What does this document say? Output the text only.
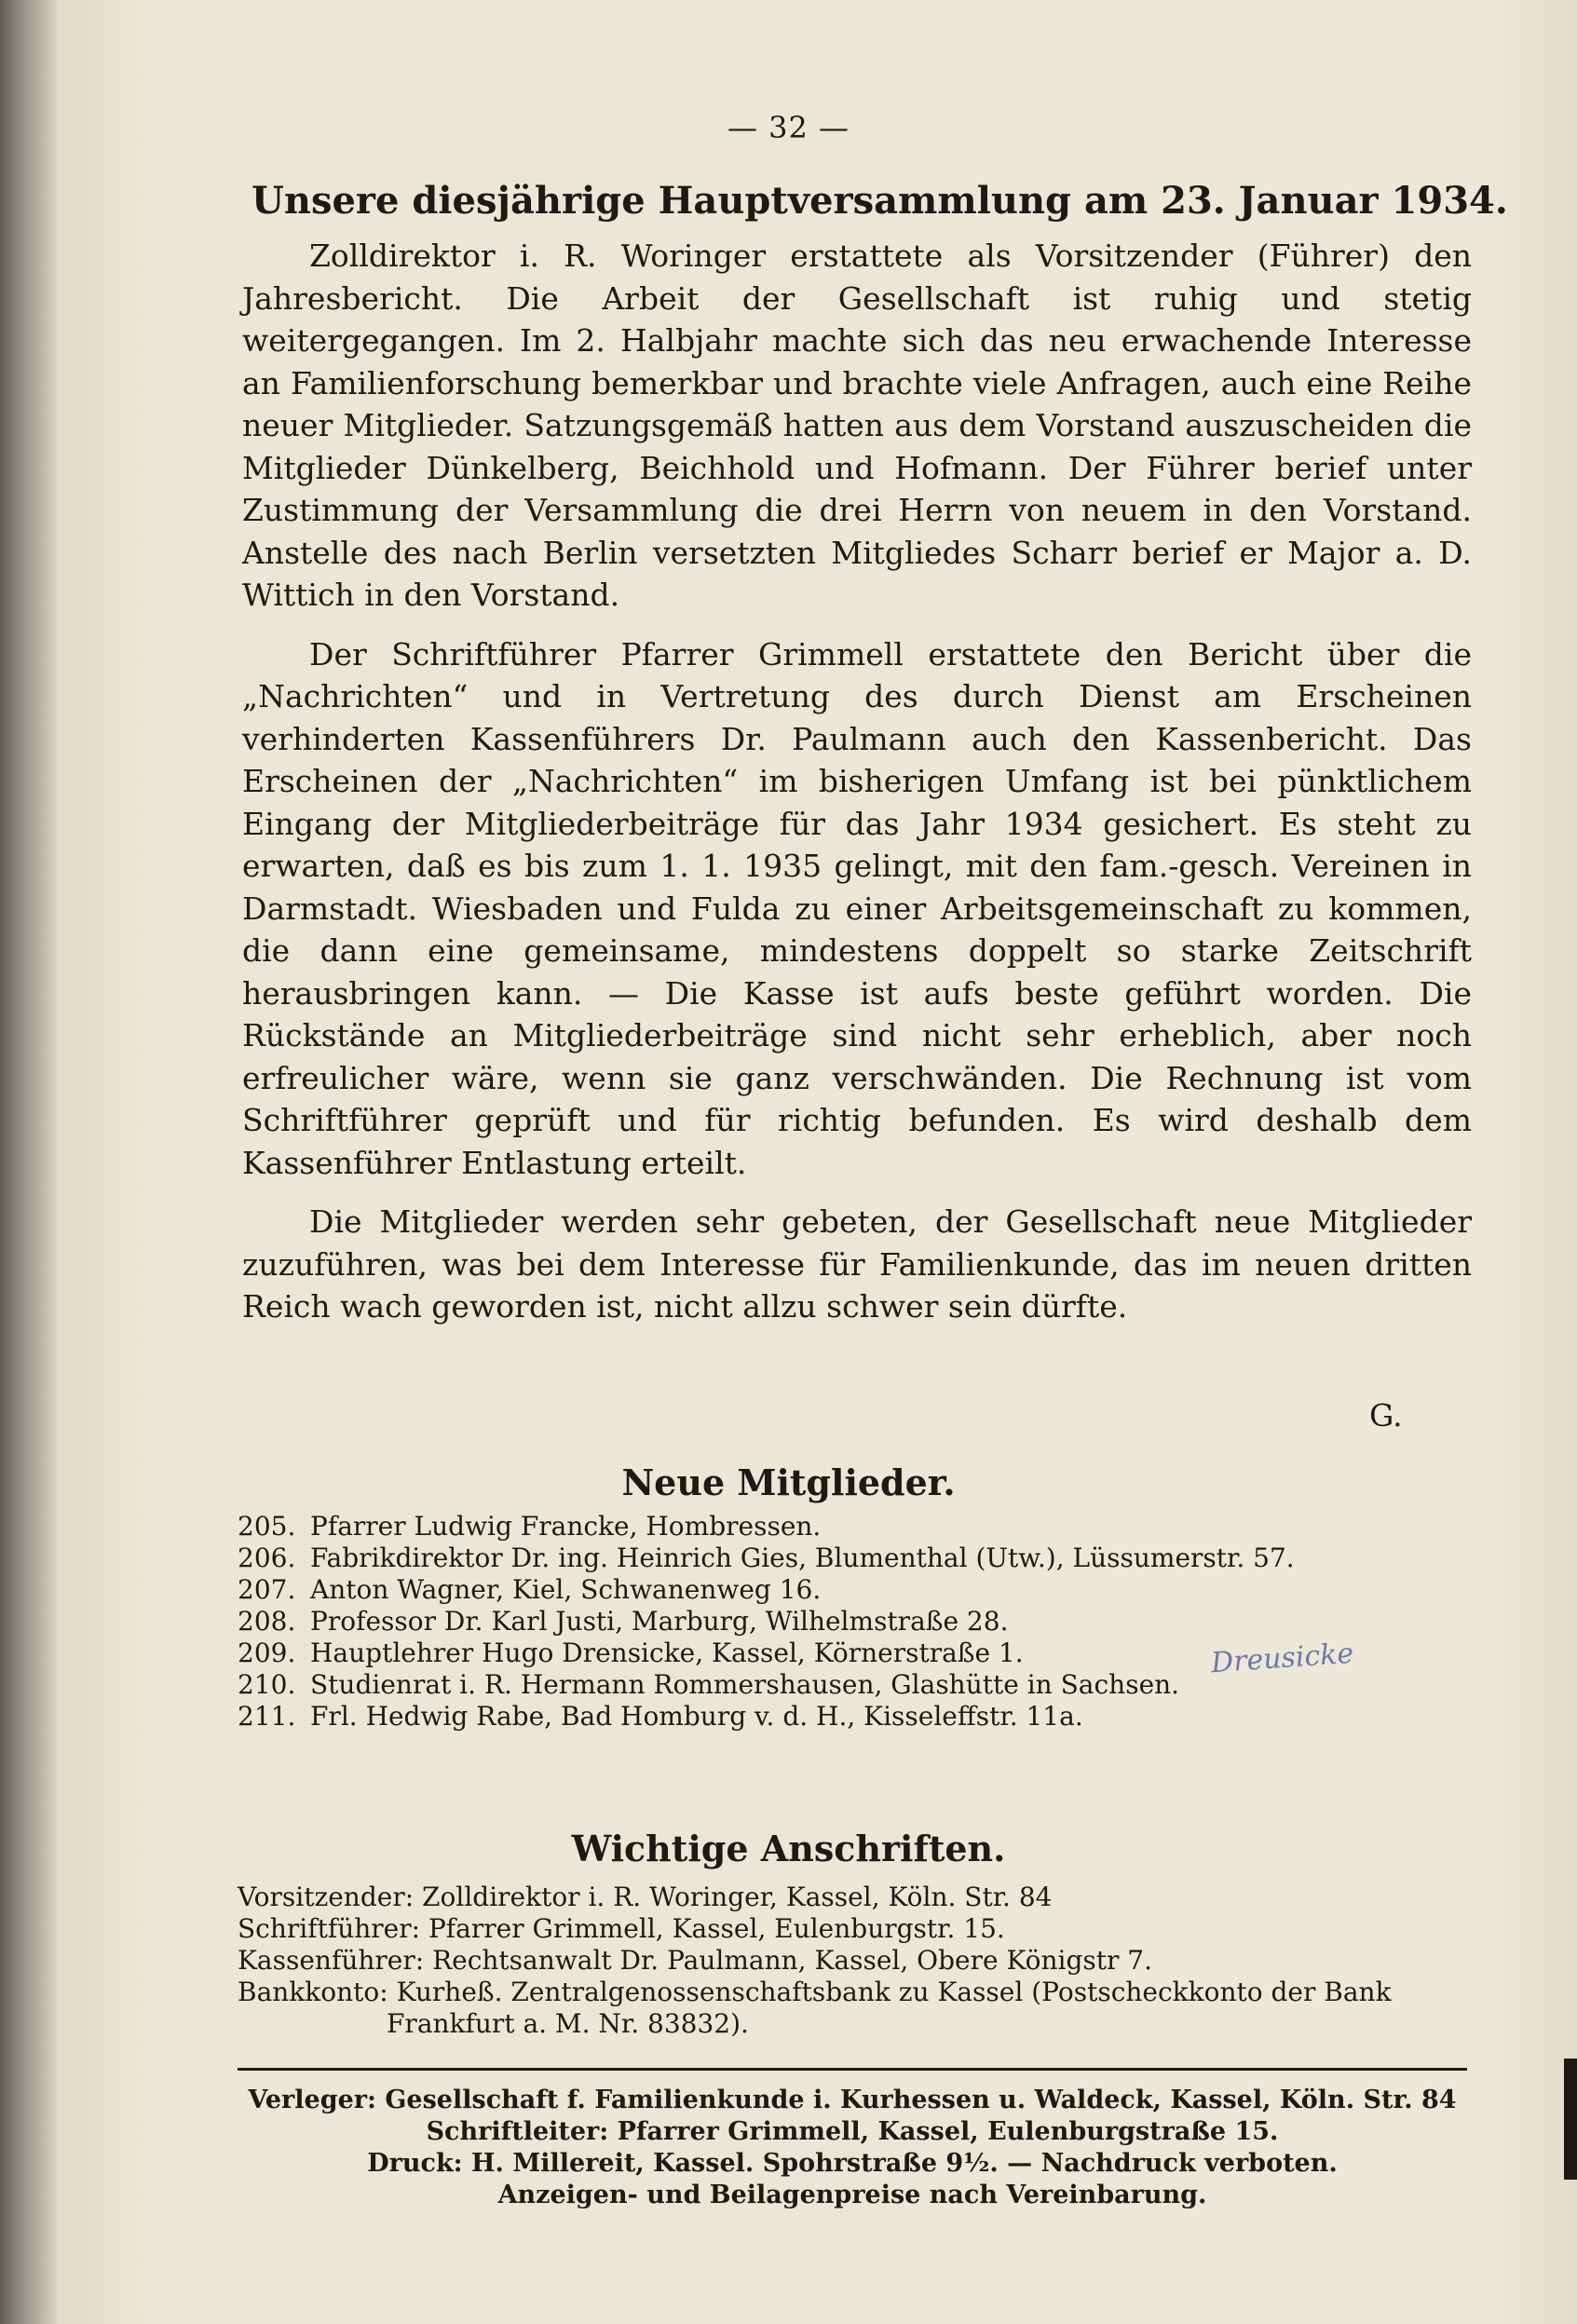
— 32 —
Unsere diesjährige Hauptversammlung am 23. Januar 1934.

Zolldirektor i. R. Woringer erstattete als Vorsitzender (Führer) den Jahresbericht. Die Arbeit der Gesellschaft ist ruhig und stetig weitergegangen. Im 2. Halbjahr machte sich das neu erwachende Interesse an Familienforschung bemerkbar und brachte viele Anfragen, auch eine Reihe neuer Mitglieder. Satzungsgemäß hatten aus dem Vorstand auszuscheiden die Mitglieder Dünkelberg, Beichhold und Hofmann. Der Führer berief unter Zustimmung der Versammlung die drei Herrn von neuem in den Vorstand. Anstelle des nach Berlin versetzten Mitgliedes Scharr berief er Major a. D. Wittich in den Vorstand.

Der Schriftführer Pfarrer Grimmell erstattete den Bericht über die „Nachrichten“ und in Vertretung des durch Dienst am Erscheinen verhinderten Kassenführers Dr. Paulmann auch den Kassenbericht. Das Erscheinen der „Nachrichten“ im bisherigen Umfang ist bei pünktlichem Eingang der Mitgliederbeiträge für das Jahr 1934 gesichert. Es steht zu erwarten, daß es bis zum 1. 1. 1935 gelingt, mit den fam.-gesch. Vereinen in Darmstadt. Wiesbaden und Fulda zu einer Arbeitsgemeinschaft zu kommen, die dann eine gemeinsame, mindestens doppelt so starke Zeitschrift herausbringen kann. — Die Kasse ist aufs beste geführt worden. Die Rückstände an Mitgliederbeiträge sind nicht sehr erheblich, aber noch erfreulicher wäre, wenn sie ganz verschwänden. Die Rechnung ist vom Schriftführer geprüft und für richtig befunden. Es wird deshalb dem Kassenführer Entlastung erteilt.

Die Mitglieder werden sehr gebeten, der Gesellschaft neue Mitglieder zuzuführen, was bei dem Interesse für Familienkunde, das im neuen dritten Reich wach geworden ist, nicht allzu schwer sein dürfte.

G.
Neue Mitglieder.
205. Pfarrer Ludwig Francke, Hombressen.
206. Fabrikdirektor Dr. ing. Heinrich Gies, Blumenthal (Utw.), Lüssumerstr. 57.
207. Anton Wagner, Kiel, Schwanenweg 16.
208. Professor Dr. Karl Justi, Marburg, Wilhelmstraße 28.
209. Hauptlehrer Hugo Drensicke, Kassel, Körnerstraße 1.
210. Studienrat i. R. Hermann Rommershausen, Glashütte in Sachsen.
211. Frl. Hedwig Rabe, Bad Homburg v. d. H., Kisseleffstr. 11a.
Dreusicke
Wichtige Anschriften.
Vorsitzender: Zolldirektor i. R. Woringer, Kassel, Köln. Str. 84
Schriftführer: Pfarrer Grimmell, Kassel, Eulenburgstr. 15.
Kassenführer: Rechtsanwalt Dr. Paulmann, Kassel, Obere Königstr 7.
Bankkonto: Kurheß. Zentralgenossenschaftsbank zu Kassel (Postscheckkonto der Bank
Frankfurt a. M. Nr. 83832).
Verleger: Gesellschaft f. Familienkunde i. Kurhessen u. Waldeck, Kassel, Köln. Str. 84
Schriftleiter: Pfarrer Grimmell, Kassel, Eulenburgstraße 15.
Druck: H. Millereit, Kassel. Spohrstraße 9½. — Nachdruck verboten.
Anzeigen- und Beilagenpreise nach Vereinbarung.
